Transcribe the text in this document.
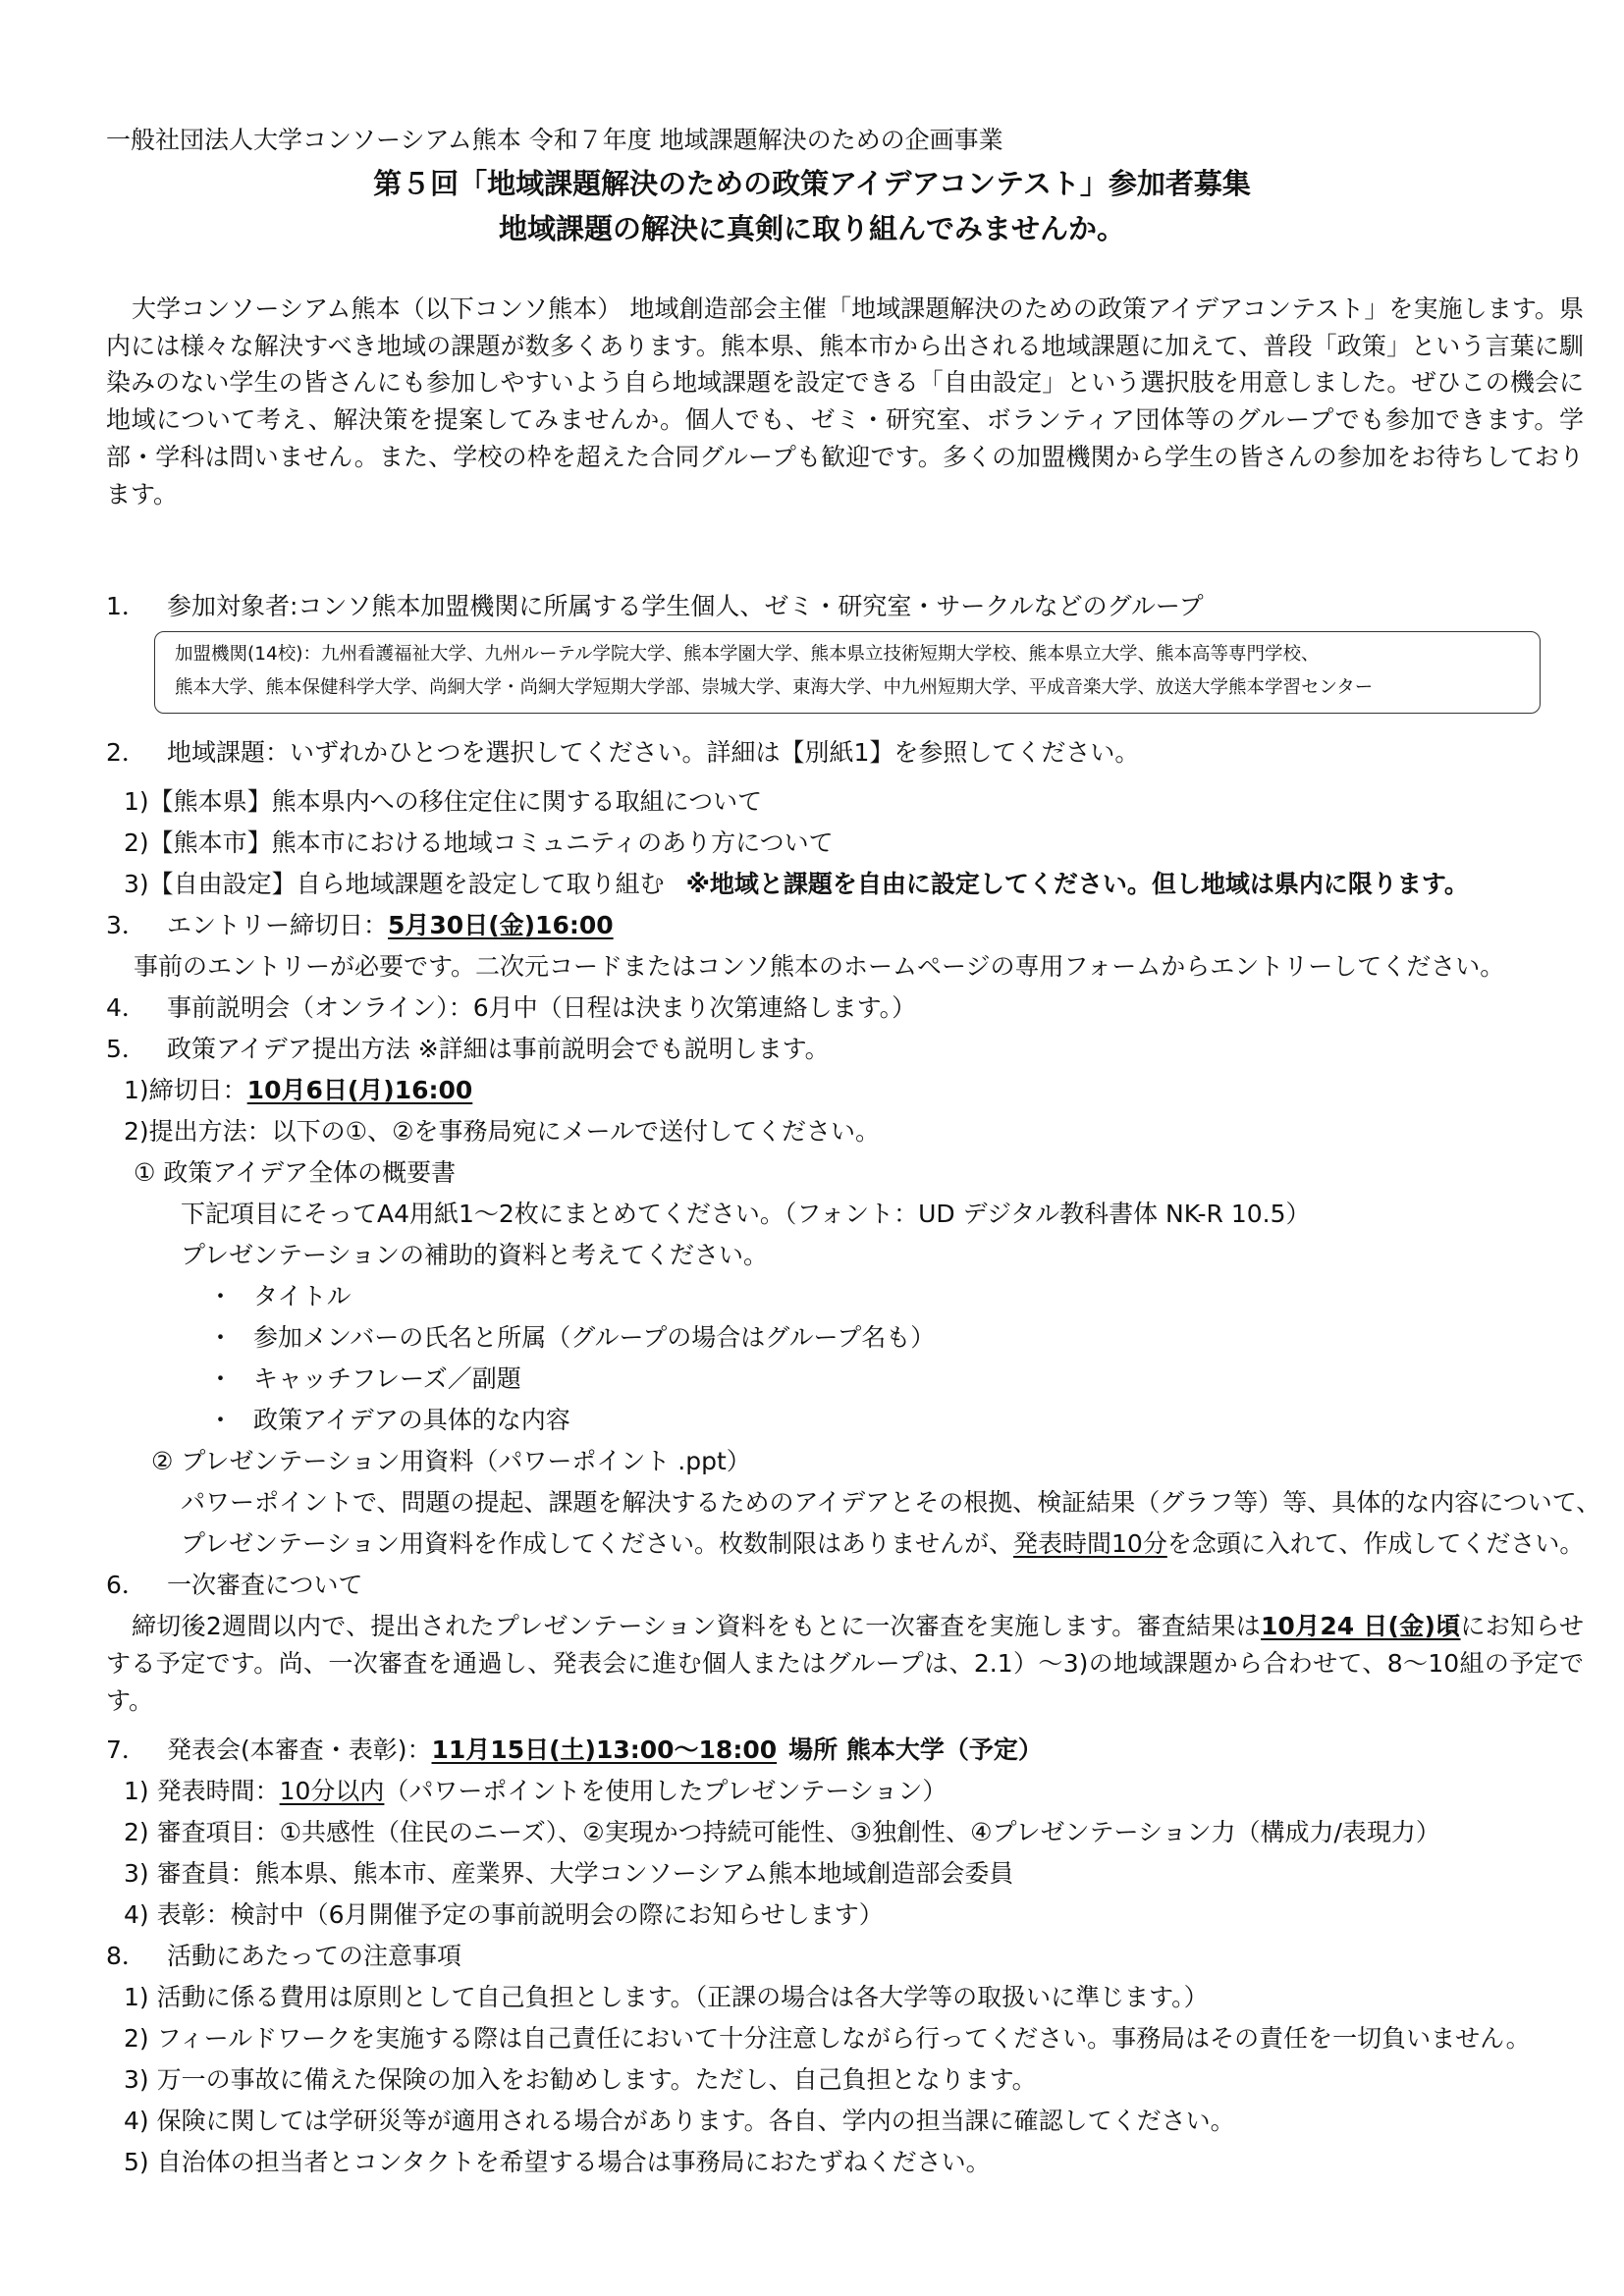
一般社団法人大学コンソーシアム熊本 令和７年度 地域課題解決のための企画事業
第５回「地域課題解決のための政策アイデアコンテスト」参加者募集
地域課題の解決に真剣に取り組んでみませんか。
大学コンソーシアム熊本（以下コンソ熊本） 地域創造部会主催「地域課題解決のための政策アイデアコンテスト」を実施します。県内には様々な解決すべき地域の課題が数多くあります。熊本県、熊本市から出される地域課題に加えて、普段「政策」という言葉に馴染みのない学生の皆さんにも参加しやすいよう自ら地域課題を設定できる「自由設定」という選択肢を用意しました。ぜひこの機会に地域について考え、解決策を提案してみませんか。個人でも、ゼミ・研究室、ボランティア団体等のグループでも参加できます。学部・学科は問いません。また、学校の枠を超えた合同グループも歓迎です。多くの加盟機関から学生の皆さんの参加をお待ちしております。
1． 参加対象者:コンソ熊本加盟機関に所属する学生個人、ゼミ・研究室・サークルなどのグループ
加盟機関(14校)：九州看護福祉大学、九州ルーテル学院大学、熊本学園大学、熊本県立技術短期大学校、熊本県立大学、熊本高等専門学校、
熊本大学、熊本保健科学大学、尚絅大学・尚絅大学短期大学部、崇城大学、東海大学、中九州短期大学、平成音楽大学、放送大学熊本学習センター
2． 地域課題：いずれかひとつを選択してください。詳細は【別紙1】を参照してください。
1)【熊本県】熊本県内への移住定住に関する取組について
2)【熊本市】熊本市における地域コミュニティのあり方について
3)【自由設定】自ら地域課題を設定して取り組む ※地域と課題を自由に設定してください。但し地域は県内に限ります。
3． エントリー締切日：5月30日(金)16:00
事前のエントリーが必要です。二次元コードまたはコンソ熊本のホームページの専用フォームからエントリーしてください。
4． 事前説明会（オンライン）：6月中（日程は決まり次第連絡します。）
5． 政策アイデア提出方法 ※詳細は事前説明会でも説明します。
1)締切日：10月6日(月)16:00
2)提出方法：以下の①、②を事務局宛にメールで送付してください。
① 政策アイデア全体の概要書
下記項目にそってA4用紙1～2枚にまとめてください。（フォント：UD デジタル教科書体 NK-R 10.5）
プレゼンテーションの補助的資料と考えてください。
・ タイトル
・ 参加メンバーの氏名と所属（グループの場合はグループ名も）
・ キャッチフレーズ／副題
・ 政策アイデアの具体的な内容
② プレゼンテーション用資料（パワーポイント .ppt）
パワーポイントで、問題の提起、課題を解決するためのアイデアとその根拠、検証結果（グラフ等）等、具体的な内容について、
プレゼンテーション用資料を作成してください。枚数制限はありませんが、発表時間10分を念頭に入れて、作成してください。
6． 一次審査について
締切後2週間以内で、提出されたプレゼンテーション資料をもとに一次審査を実施します。審査結果は10月24 日(金)頃にお知らせする予定です。尚、一次審査を通過し、発表会に進む個人またはグループは、2.1）～3)の地域課題から合わせて、8～10組の予定です。
7． 発表会(本審査・表彰)：11月15日(土)13:00～18:00 場所 熊本大学（予定）
1) 発表時間：10分以内（パワーポイントを使用したプレゼンテーション）
2) 審査項目：①共感性（住民のニーズ）、②実現かつ持続可能性、③独創性、④プレゼンテーション力（構成力/表現力）
3) 審査員：熊本県、熊本市、産業界、大学コンソーシアム熊本地域創造部会委員
4) 表彰：検討中（6月開催予定の事前説明会の際にお知らせします）
8． 活動にあたっての注意事項
1) 活動に係る費用は原則として自己負担とします。（正課の場合は各大学等の取扱いに準じます。）
2) フィールドワークを実施する際は自己責任において十分注意しながら行ってください。事務局はその責任を一切負いません。
3) 万一の事故に備えた保険の加入をお勧めします。ただし、自己負担となります。
4) 保険に関しては学研災等が適用される場合があります。各自、学内の担当課に確認してください。
5) 自治体の担当者とコンタクトを希望する場合は事務局におたずねください。
